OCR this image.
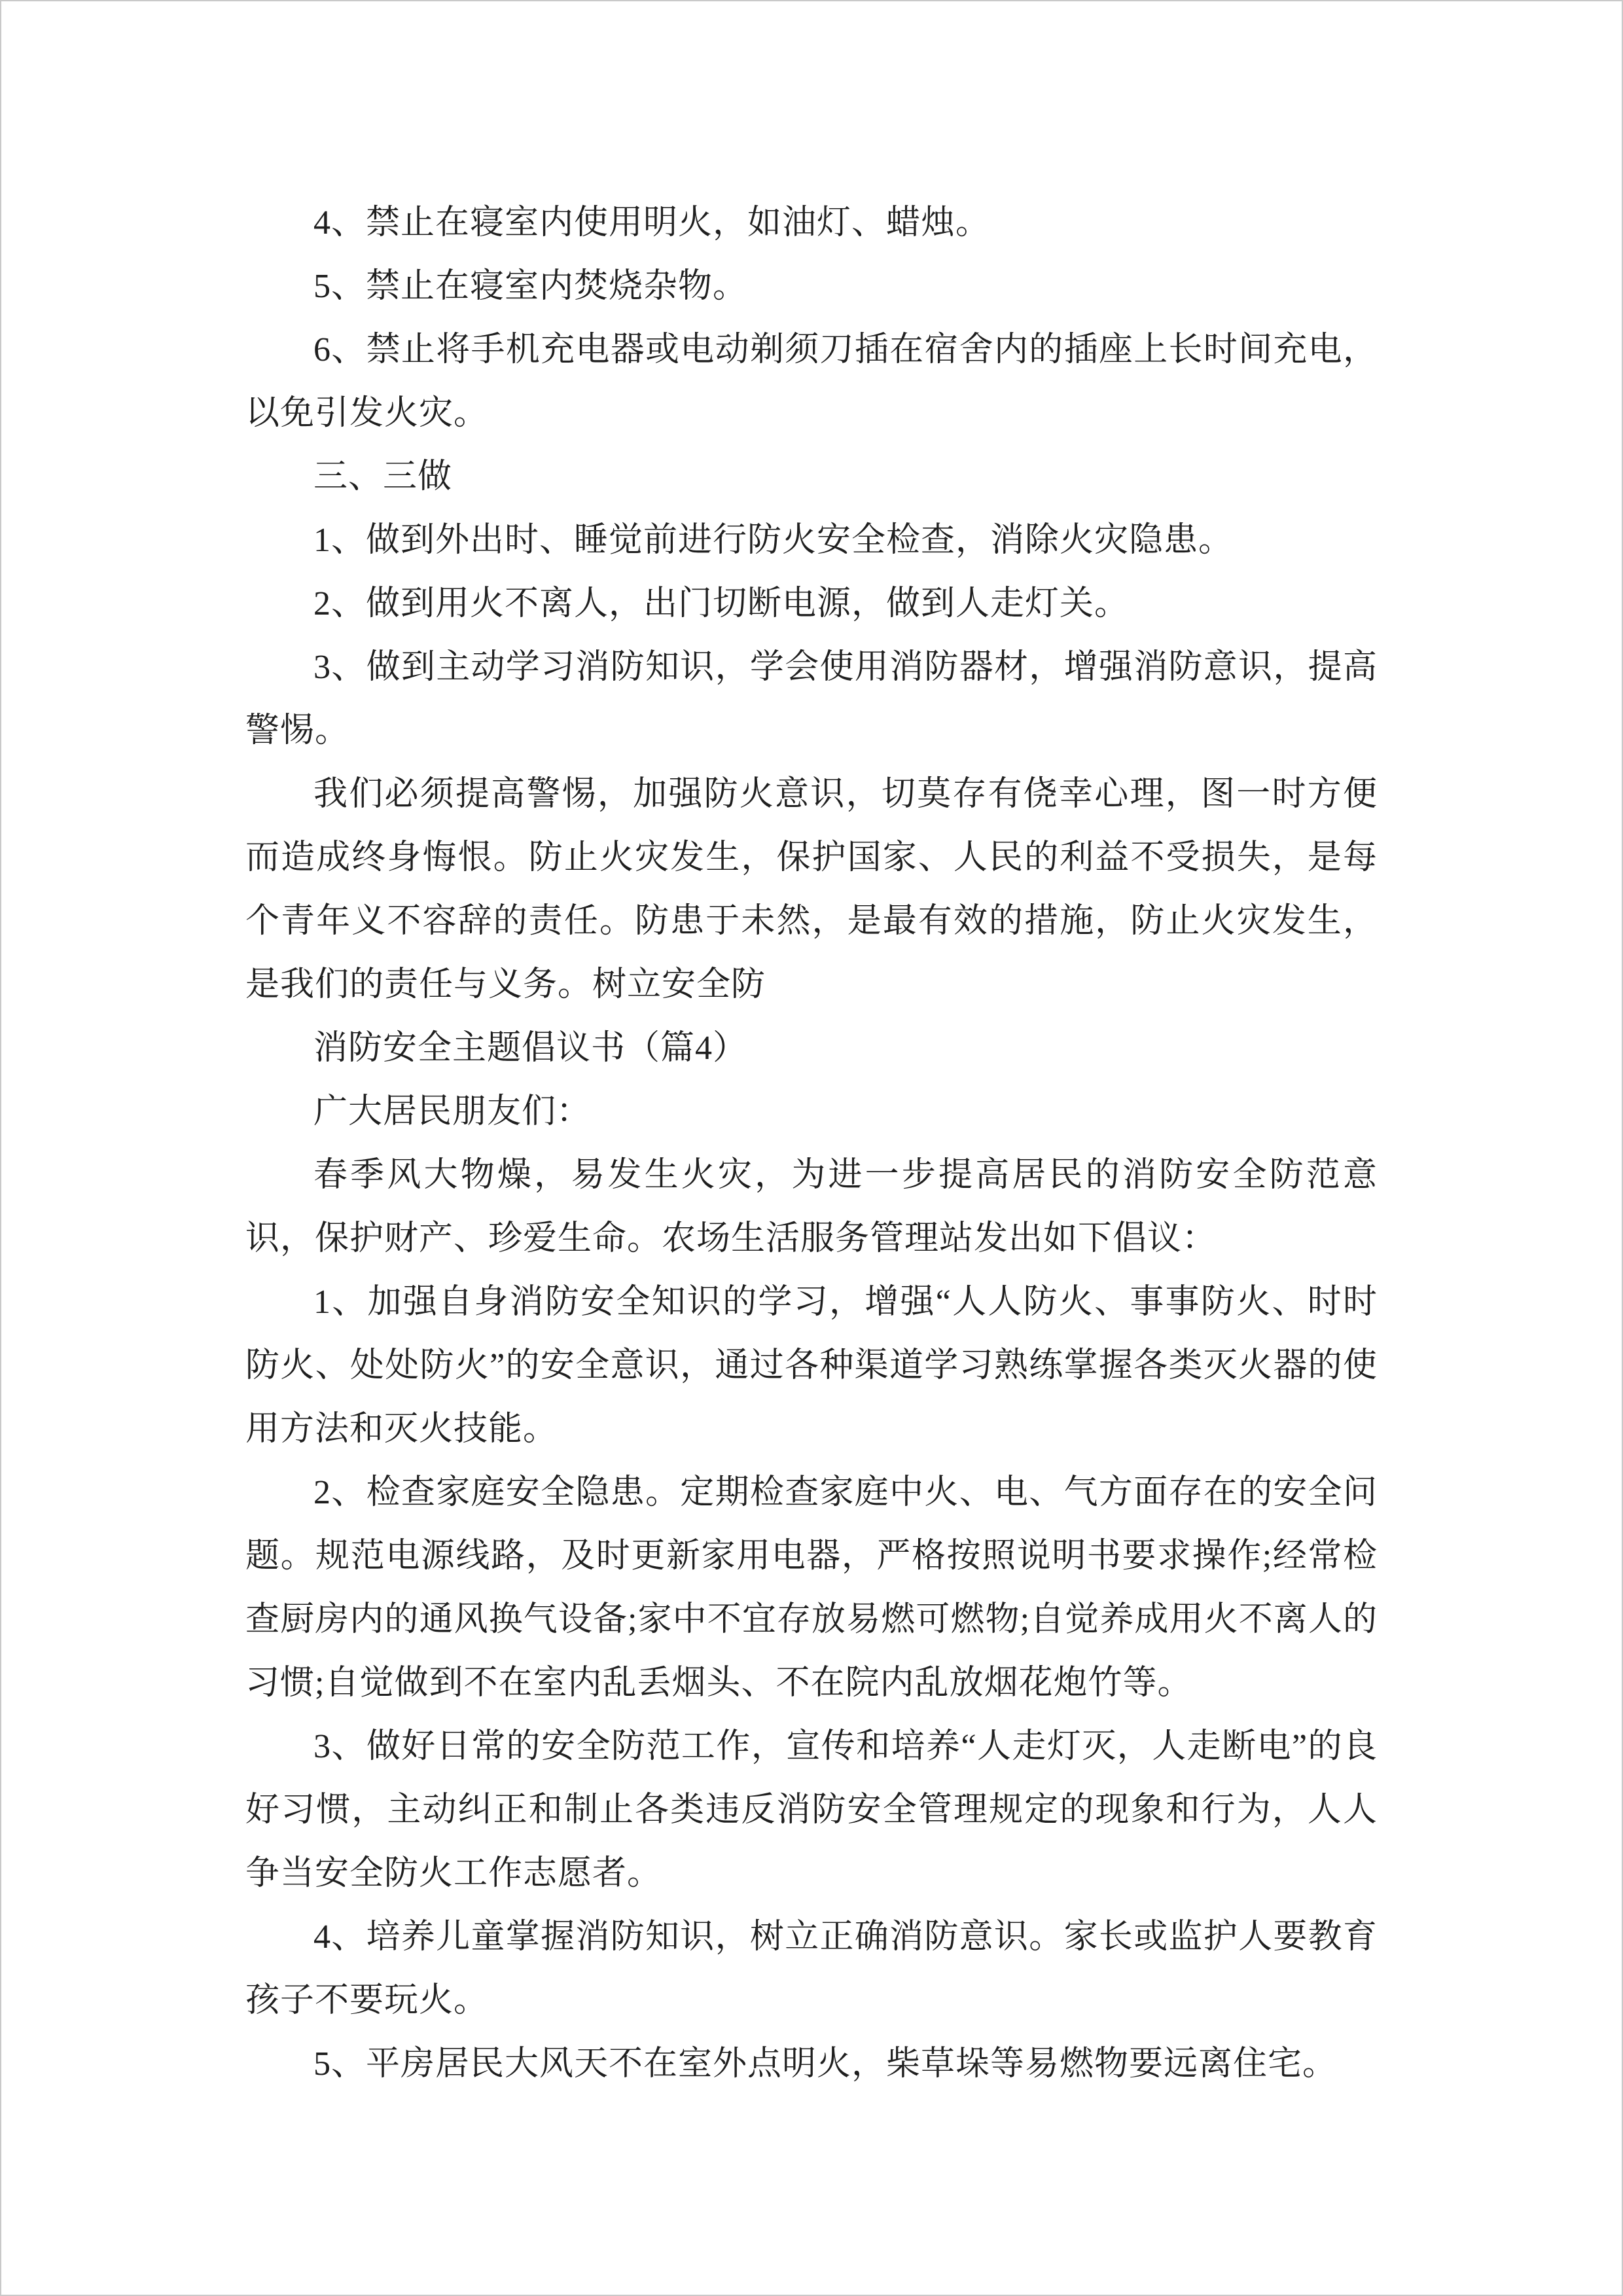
4、禁止在寝室内使用明火，如油灯、蜡烛。

5、禁止在寝室内焚烧杂物。

6、禁止将手机充电器或电动剃须刀插在宿舍内的插座上长时间充电，以免引发火灾。

三、三做

1、做到外出时、睡觉前进行防火安全检查，消除火灾隐患。

2、做到用火不离人，出门切断电源，做到人走灯关。

3、做到主动学习消防知识，学会使用消防器材，增强消防意识，提高警惕。

我们必须提高警惕，加强防火意识，切莫存有侥幸心理，图一时方便而造成终身悔恨。防止火灾发生，保护国家、人民的利益不受损失，是每个青年义不容辞的责任。防患于未然，是最有效的措施，防止火灾发生，是我们的责任与义务。树立安全防

消防安全主题倡议书（篇4）

广大居民朋友们：

春季风大物燥，易发生火灾，为进一步提高居民的消防安全防范意识，保护财产、珍爱生命。农场生活服务管理站发出如下倡议：

1、加强自身消防安全知识的学习，增强“人人防火、事事防火、时时防火、处处防火”的安全意识，通过各种渠道学习熟练掌握各类灭火器的使用方法和灭火技能。

2、检查家庭安全隐患。定期检查家庭中火、电、气方面存在的安全问题。规范电源线路，及时更新家用电器，严格按照说明书要求操作;经常检查厨房内的通风换气设备;家中不宜存放易燃可燃物;自觉养成用火不离人的习惯;自觉做到不在室内乱丢烟头、不在院内乱放烟花炮竹等。

3、做好日常的安全防范工作，宣传和培养“人走灯灭，人走断电”的良好习惯，主动纠正和制止各类违反消防安全管理规定的现象和行为，人人争当安全防火工作志愿者。

4、培养儿童掌握消防知识，树立正确消防意识。家长或监护人要教育孩子不要玩火。

5、平房居民大风天不在室外点明火，柴草垛等易燃物要远离住宅。
